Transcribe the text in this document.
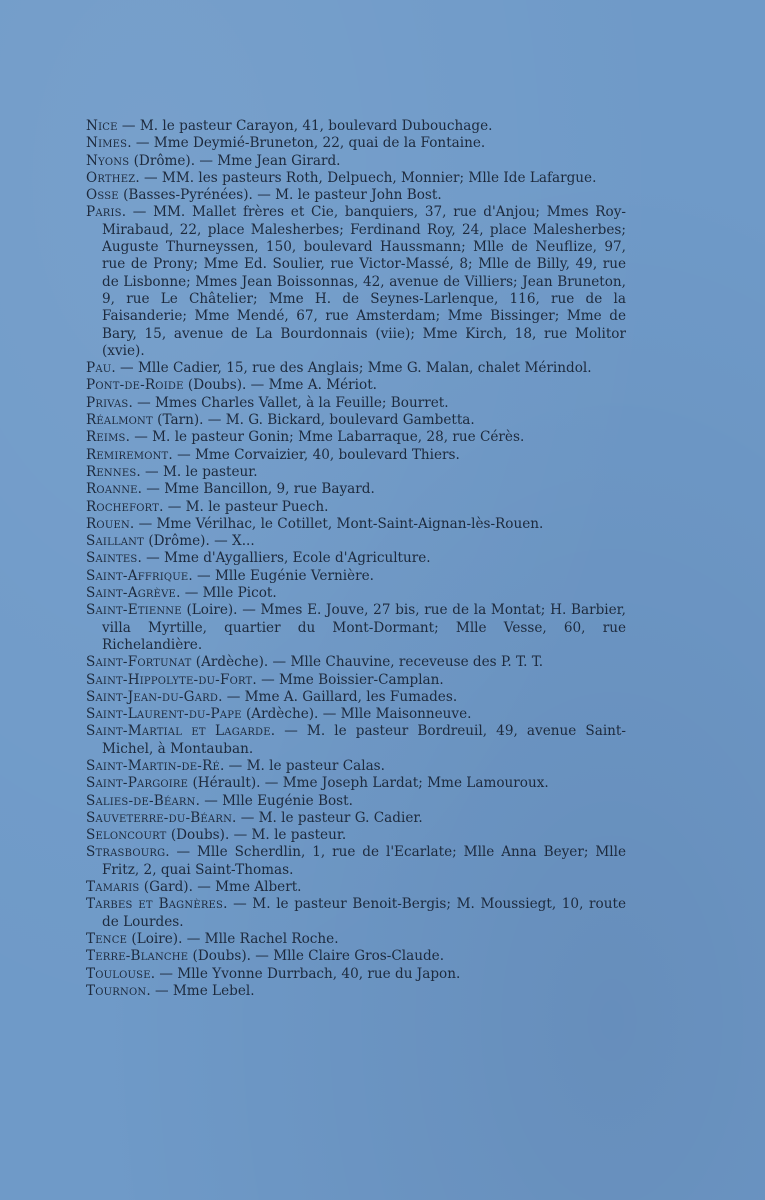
Nice — M. le pasteur Carayon, 41, boulevard Dubouchage.

Nimes. — Mme Deymié-Bruneton, 22, quai de la Fontaine.

Nyons (Drôme). — Mme Jean Girard.

Orthez. — MM. les pasteurs Roth, Delpuech, Monnier; Mlle Ide Lafargue.

Osse (Basses-Pyrénées). — M. le pasteur John Bost.

Paris. — MM. Mallet frères et Cie, banquiers, 37, rue d'Anjou; Mmes Roy-Mirabaud, 22, place Malesherbes; Ferdinand Roy, 24, place Malesherbes; Auguste Thurneyssen, 150, boulevard Haussmann; Mlle de Neuflize, 97, rue de Prony; Mme Ed. Soulier, rue Victor-Massé, 8; Mlle de Billy, 49, rue de Lisbonne; Mmes Jean Boissonnas, 42, avenue de Villiers; Jean Bruneton, 9, rue Le Châtelier; Mme H. de Seynes-Larlenque, 116, rue de la Faisanderie; Mme Mendé, 67, rue Amsterdam; Mme Bissinger; Mme de Bary, 15, avenue de La Bourdonnais (viie); Mme Kirch, 18, rue Molitor (xvie).

Pau. — Mlle Cadier, 15, rue des Anglais; Mme G. Malan, chalet Mérindol.

Pont-de-Roide (Doubs). — Mme A. Mériot.

Privas. — Mmes Charles Vallet, à la Feuille; Bourret.

Réalmont (Tarn). — M. G. Bickard, boulevard Gambetta.

Reims. — M. le pasteur Gonin; Mme Labarraque, 28, rue Cérès.

Remiremont. — Mme Corvaizier, 40, boulevard Thiers.

Rennes. — M. le pasteur.

Roanne. — Mme Bancillon, 9, rue Bayard.

Rochefort. — M. le pasteur Puech.

Rouen. — Mme Vérilhac, le Cotillet, Mont-Saint-Aignan-lès-Rouen.

Saillant (Drôme). — X...

Saintes. — Mme d'Aygalliers, Ecole d'Agriculture.

Saint-Affrique. — Mlle Eugénie Vernière.

Saint-Agrève. — Mlle Picot.

Saint-Etienne (Loire). — Mmes E. Jouve, 27 bis, rue de la Montat; H. Barbier, villa Myrtille, quartier du Mont-Dormant; Mlle Vesse, 60, rue Richelandière.

Saint-Fortunat (Ardèche). — Mlle Chauvine, receveuse des P. T. T.

Saint-Hippolyte-du-Fort. — Mme Boissier-Camplan.

Saint-Jean-du-Gard. — Mme A. Gaillard, les Fumades.

Saint-Laurent-du-Pape (Ardèche). — Mlle Maisonneuve.

Saint-Martial et Lagarde. — M. le pasteur Bordreuil, 49, avenue Saint-Michel, à Montauban.

Saint-Martin-de-Ré. — M. le pasteur Calas.

Saint-Pargoire (Hérault). — Mme Joseph Lardat; Mme Lamouroux.

Salies-de-Béarn. — Mlle Eugénie Bost.

Sauveterre-du-Béarn. — M. le pasteur G. Cadier.

Seloncourt (Doubs). — M. le pasteur.

Strasbourg. — Mlle Scherdlin, 1, rue de l'Ecarlate; Mlle Anna Beyer; Mlle Fritz, 2, quai Saint-Thomas.

Tamaris (Gard). — Mme Albert.

Tarbes et Bagnères. — M. le pasteur Benoit-Bergis; M. Moussiegt, 10, route de Lourdes.

Tence (Loire). — Mlle Rachel Roche.

Terre-Blanche (Doubs). — Mlle Claire Gros-Claude.

Toulouse. — Mlle Yvonne Durrbach, 40, rue du Japon.

Tournon. — Mme Lebel.
